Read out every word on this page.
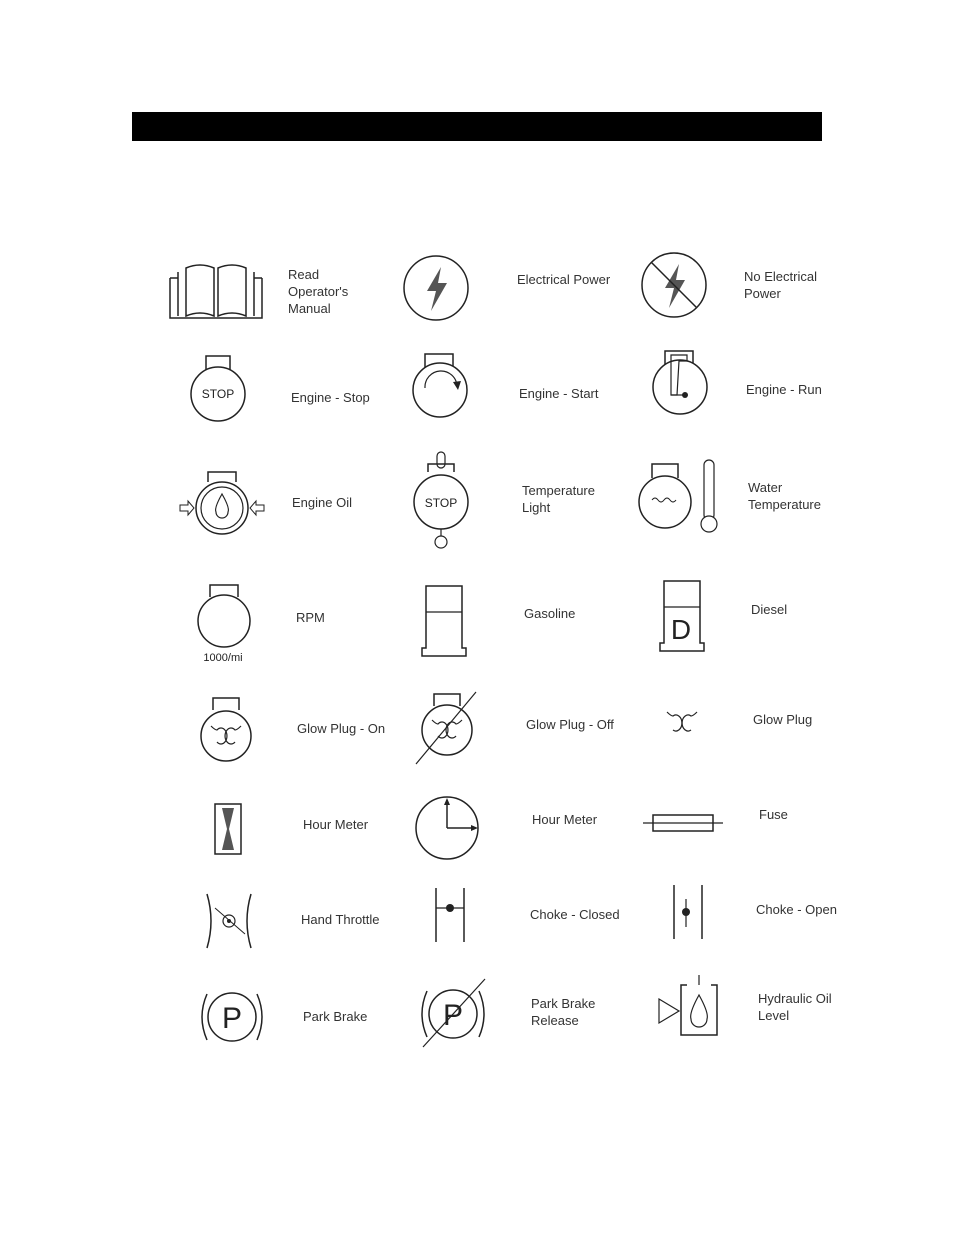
Read Operator's Manual
Electrical Power	No Electrical Power
STOP	Engine - Stop	Engine - Start	Engine - Run
Engine Oil	STOP
Temperature Light
Water Temperature
1000/mi
RPM	Gasoline
D
Diesel
Glow Plug - On	Glow Plug - Off	Glow Plug
Hour Meter	Hour Meter	Fuse
Hand Throttle	Choke - Closed	Choke - Open
P	Park Brake	P	Park Brake Release
Hydraulic Oil Level
